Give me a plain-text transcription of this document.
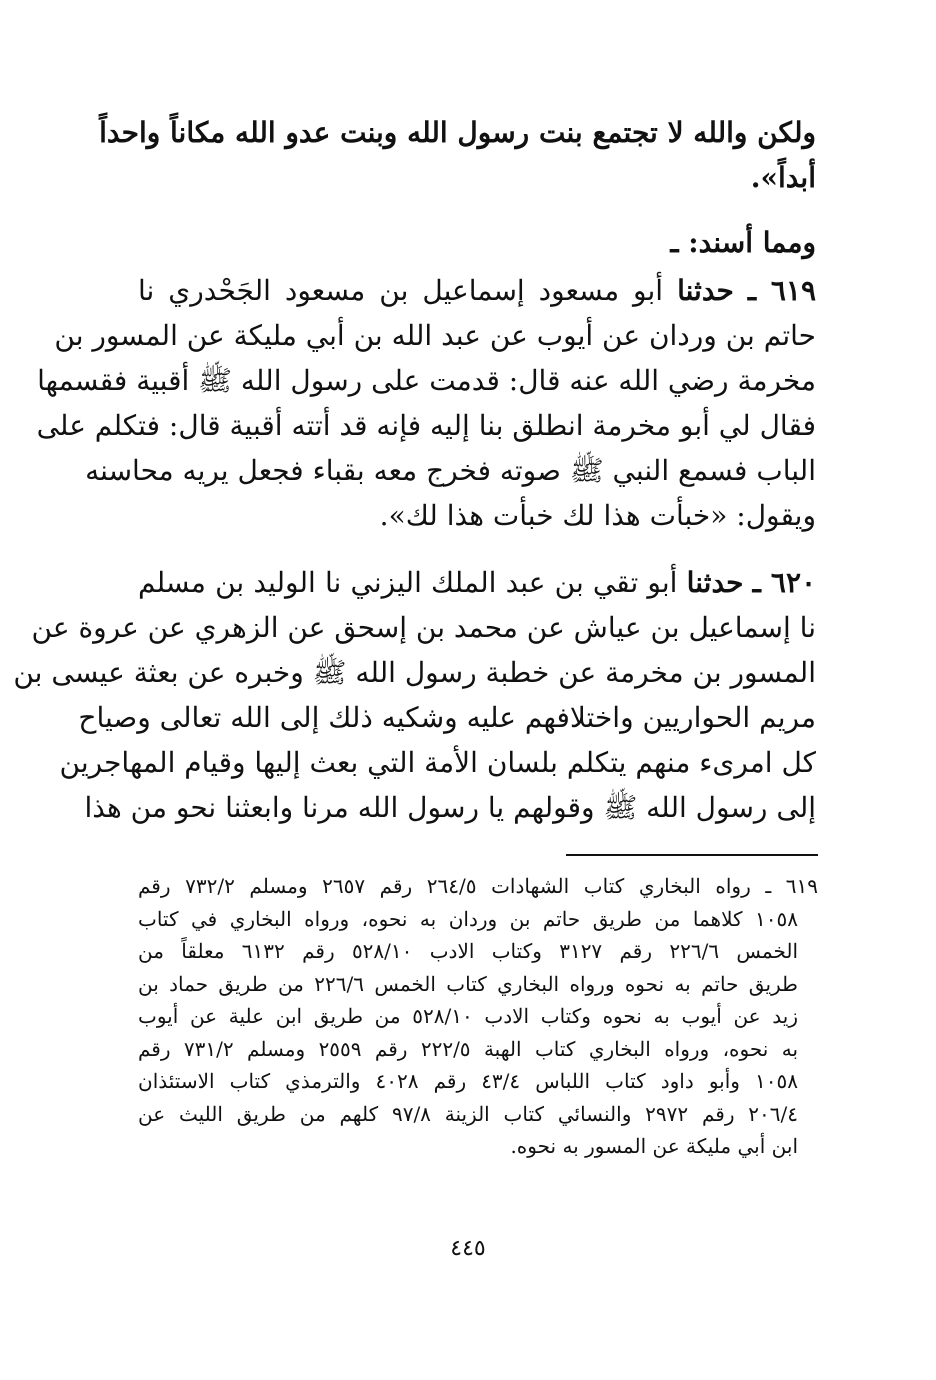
ولكن والله لا تجتمع بنت رسول الله وبنت عدو الله مكاناً واحداً
أبداً».
ومما أسند: ـ
٦١٩ ـ حدثنا أبو مسعود إسماعيل بن مسعود الجَحْدري نا
حاتم بن وردان عن أيوب عن عبد الله بن أبي مليكة عن المسور بن
مخرمة رضي الله عنه قال: قدمت على رسول الله ﷺ أقبية فقسمها
فقال لي أبو مخرمة انطلق بنا إليه فإنه قد أتته أقبية قال: فتكلم على
الباب فسمع النبي ﷺ صوته فخرج معه بقباء فجعل يريه محاسنه
ويقول: «خبأت هذا لك خبأت هذا لك».
٦٢٠ ـ حدثنا أبو تقي بن عبد الملك اليزني نا الوليد بن مسلم
نا إسماعيل بن عياش عن محمد بن إسحق عن الزهري عن عروة عن
المسور بن مخرمة عن خطبة رسول الله ﷺ وخبره عن بعثة عيسى بن
مريم الحواريين واختلافهم عليه وشكيه ذلك إلى الله تعالى وصياح
كل امرىء منهم يتكلم بلسان الأمة التي بعث إليها وقيام المهاجرين
إلى رسول الله ﷺ وقولهم يا رسول الله مرنا وابعثنا نحو من هذا
٦١٩ ـ رواه البخاري كتاب الشهادات ٢٦٤/٥ رقم ٢٦٥٧ ومسلم ٧٣٢/٢ رقم
١٠٥٨ كلاهما من طريق حاتم بن وردان به نحوه، ورواه البخاري في كتاب
الخمس ٢٢٦/٦ رقم ٣١٢٧ وكتاب الادب ٥٢٨/١٠ رقم ٦١٣٢ معلقاً من
طريق حاتم به نحوه ورواه البخاري كتاب الخمس ٢٢٦/٦ من طريق حماد بن
زيد عن أيوب به نحوه وكتاب الادب ٥٢٨/١٠ من طريق ابن علية عن أيوب
به نحوه، ورواه البخاري كتاب الهبة ٢٢٢/٥ رقم ٢٥٥٩ ومسلم ٧٣١/٢ رقم
١٠٥٨ وأبو داود كتاب اللباس ٤٣/٤ رقم ٤٠٢٨ والترمذي كتاب الاستئذان
٢٠٦/٤ رقم ٢٩٧٢ والنسائي كتاب الزينة ٩٧/٨ كلهم من طريق الليث عن
ابن أبي مليكة عن المسور به نحوه.
٤٤٥
